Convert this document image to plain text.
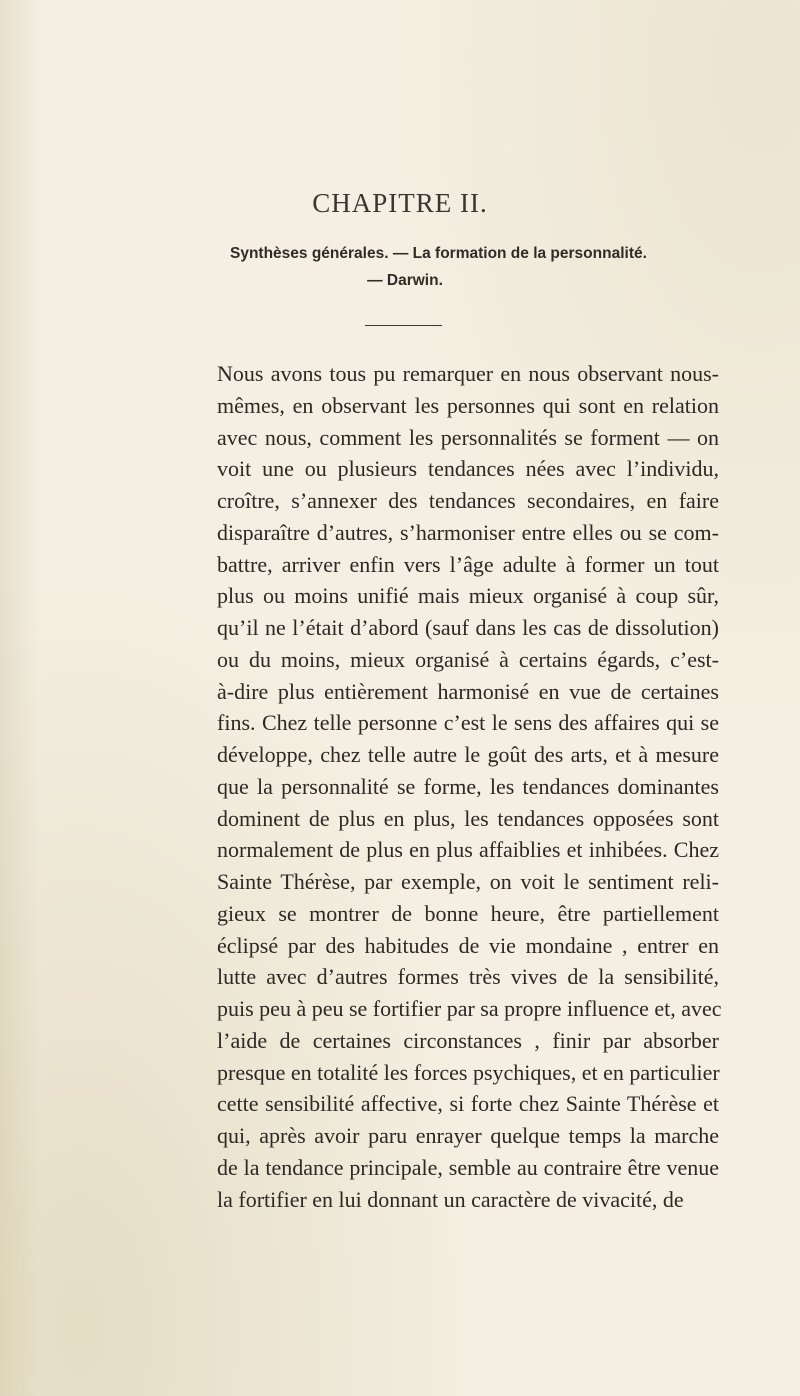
CHAPITRE II.
Synthèses générales. — La formation de la personnalité.
— Darwin.
Nous avons tous pu remarquer en nous observant nous-
mêmes, en observant les personnes qui sont en relation
avec nous, comment les personnalités se forment — on
voit une ou plusieurs tendances nées avec l’individu,
croître, s’annexer des tendances secondaires, en faire
disparaître d’autres, s’harmoniser entre elles ou se com-
battre, arriver enfin vers l’âge adulte à former un tout
plus ou moins unifié mais mieux organisé à coup sûr,
qu’il ne l’était d’abord (sauf dans les cas de dissolution)
ou du moins, mieux organisé à certains égards, c’est-
à-dire plus entièrement harmonisé en vue de certaines
fins. Chez telle personne c’est le sens des affaires qui se
développe, chez telle autre le goût des arts, et à mesure
que la personnalité se forme, les tendances dominantes
dominent de plus en plus, les tendances opposées sont
normalement de plus en plus affaiblies et inhibées. Chez
Sainte Thérèse, par exemple, on voit le sentiment reli-
gieux se montrer de bonne heure, être partiellement
éclipsé par des habitudes de vie mondaine , entrer en
lutte avec d’autres formes très vives de la sensibilité,
puis peu à peu se fortifier par sa propre influence et, avec
l’aide de certaines circonstances , finir par absorber
presque en totalité les forces psychiques, et en particulier
cette sensibilité affective, si forte chez Sainte Thérèse et
qui, après avoir paru enrayer quelque temps la marche
de la tendance principale, semble au contraire être venue
la fortifier en lui donnant un caractère de vivacité, de
